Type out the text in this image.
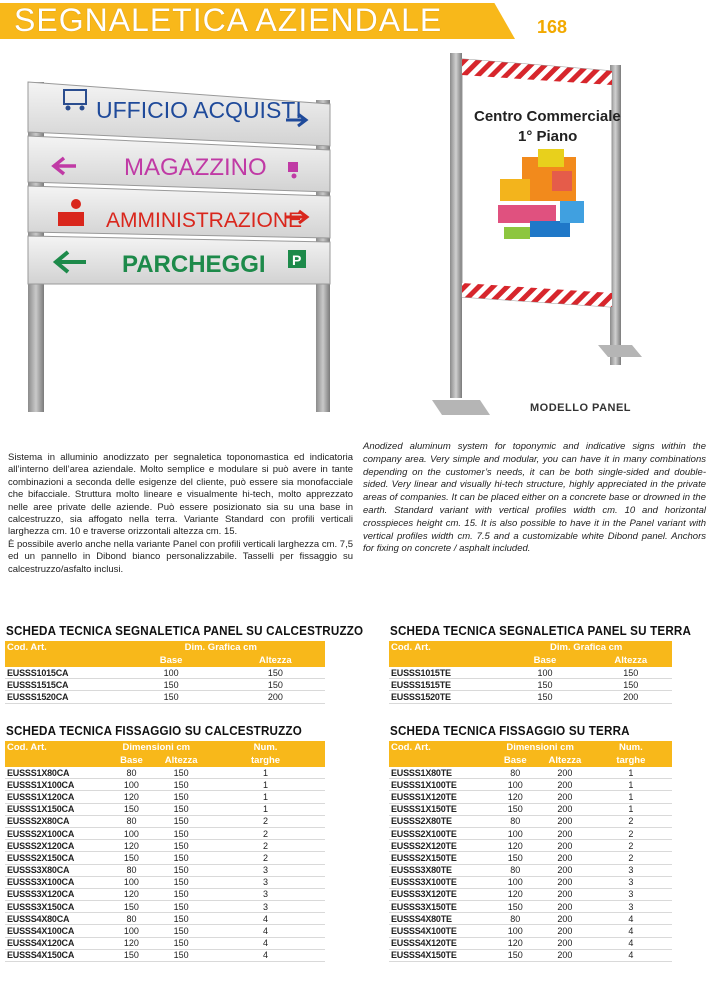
SEGNALETICA AZIENDALE	168
UFFICIO ACQUISTI
MAGAZZINO
AMMINISTRAZIONE
PARCHEGGI P
Centro Commerciale
1° Piano
MODELLO PANEL

Sistema in alluminio anodizzato per segnaletica toponomastica ed indicatoria all’interno dell’area aziendale. Molto semplice e modulare si può avere in tante combinazioni a seconda delle esigenze del cliente, può essere sia monofacciale che bifacciale. Struttura molto lineare e visualmente hi-tech, molto apprezzato nelle aree private delle aziende. Può essere posizionato sia su una base in calcestruzzo, sia affogato nella terra. Variante Standard con profili verticali larghezza cm. 10 e traverse orizzontali altezza cm. 15.

È possibile averlo anche nella variante Panel con profili verticali larghezza cm. 7,5 ed un pannello in Dibond bianco personalizzabile. Tasselli per fissaggio su calcestruzzo/asfalto inclusi.

Anodized aluminum system for toponymic and indicative signs within the company area. Very simple and modular, you can have it in many combinations depending on the customer’s needs, it can be both single-sided and double-sided. Very linear and visually hi-tech structure, highly appreciated in the private areas of companies. It can be placed either on a concrete base or drowned in the earth. Standard variant with vertical profiles width cm. 10 and horizontal crosspieces height cm. 15. It is also possible to have it in the Panel variant with vertical profiles width cm. 7.5 and a customizable white Dibond panel. Anchors for fixing on concrete / asphalt included.

SCHEDA TECNICA SEGNALETICA PANEL SU CALCESTRUZZO SCHEDA TECNICA SEGNALETICA PANEL SU TERRA
SCHEDA TECNICA FISSAGGIO SU CALCESTRUZZO	SCHEDA TECNICA FISSAGGIO SU TERRA
Cod. Art.	Dim. Grafica cm	
	Base	Altezza
EUSSS1015CA	100	150
EUSSS1515CA	150	150
EUSSS1520CA	150	200
Cod. Art.	Dim. Grafica cm	
	Base	Altezza
EUSSS1015TE	100	150
EUSSS1515TE	150	150
EUSSS1520TE	150	200
Cod. Art.	Dimensioni cm		Num.
	Base	Altezza	targhe
EUSSS1X80CA	80	150	1
EUSSS1X100CA	100	150	1
EUSSS1X120CA	120	150	1
EUSSS1X150CA	150	150	1
EUSSS2X80CA	80	150	2
EUSSS2X100CA	100	150	2
EUSSS2X120CA	120	150	2
EUSSS2X150CA	150	150	2
EUSSS3X80CA	80	150	3
EUSSS3X100CA	100	150	3
EUSSS3X120CA	120	150	3
EUSSS3X150CA	150	150	3
EUSSS4X80CA	80	150	4
EUSSS4X100CA	100	150	4
EUSSS4X120CA	120	150	4
EUSSS4X150CA	150	150	4
Cod. Art.	Dimensioni cm		Num.
	Base	Altezza	targhe
EUSSS1X80TE	80	200	1
EUSSS1X100TE	100	200	1
EUSSS1X120TE	120	200	1
EUSSS1X150TE	150	200	1
EUSSS2X80TE	80	200	2
EUSSS2X100TE	100	200	2
EUSSS2X120TE	120	200	2
EUSSS2X150TE	150	200	2
EUSSS3X80TE	80	200	3
EUSSS3X100TE	100	200	3
EUSSS3X120TE	120	200	3
EUSSS3X150TE	150	200	3
EUSSS4X80TE	80	200	4
EUSSS4X100TE	100	200	4
EUSSS4X120TE	120	200	4
EUSSS4X150TE	150	200	4
